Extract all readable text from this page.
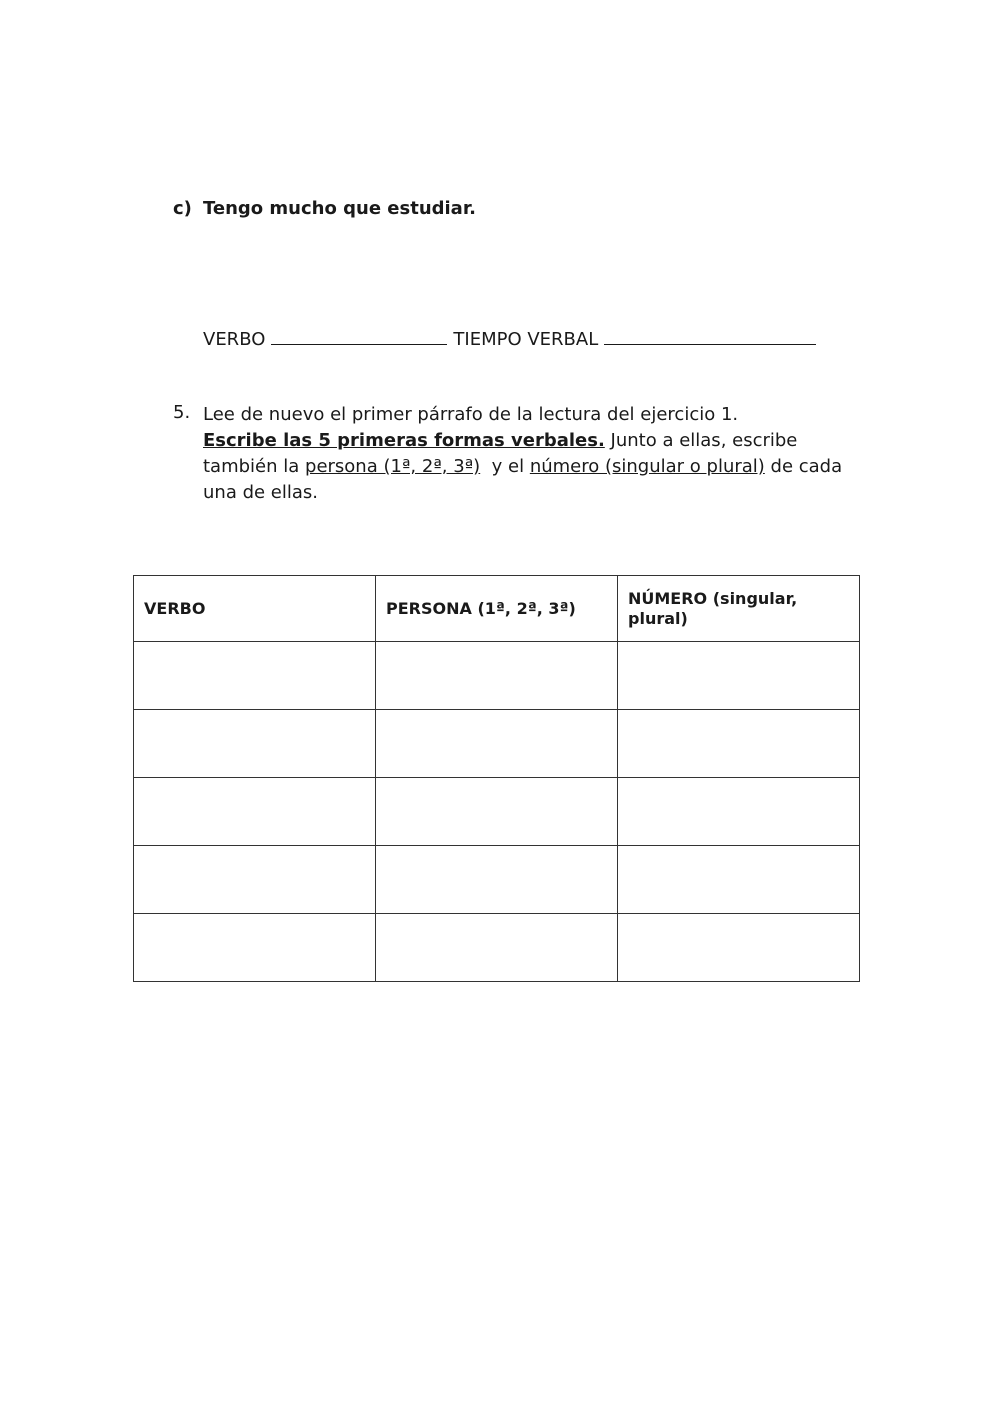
c) Tengo mucho que estudiar.
VERBO	TIEMPO VERBAL
5. Lee de nuevo el primer párrafo de la lectura del ejercicio 1.
Escribe las 5 primeras formas verbales. Junto a ellas, escribe también la persona (1ª, 2ª, 3ª)  y el número (singular o plural) de cada una de ellas.
VERBO	PERSONA (1ª, 2ª, 3ª)	NÚMERO (singular, plural)
